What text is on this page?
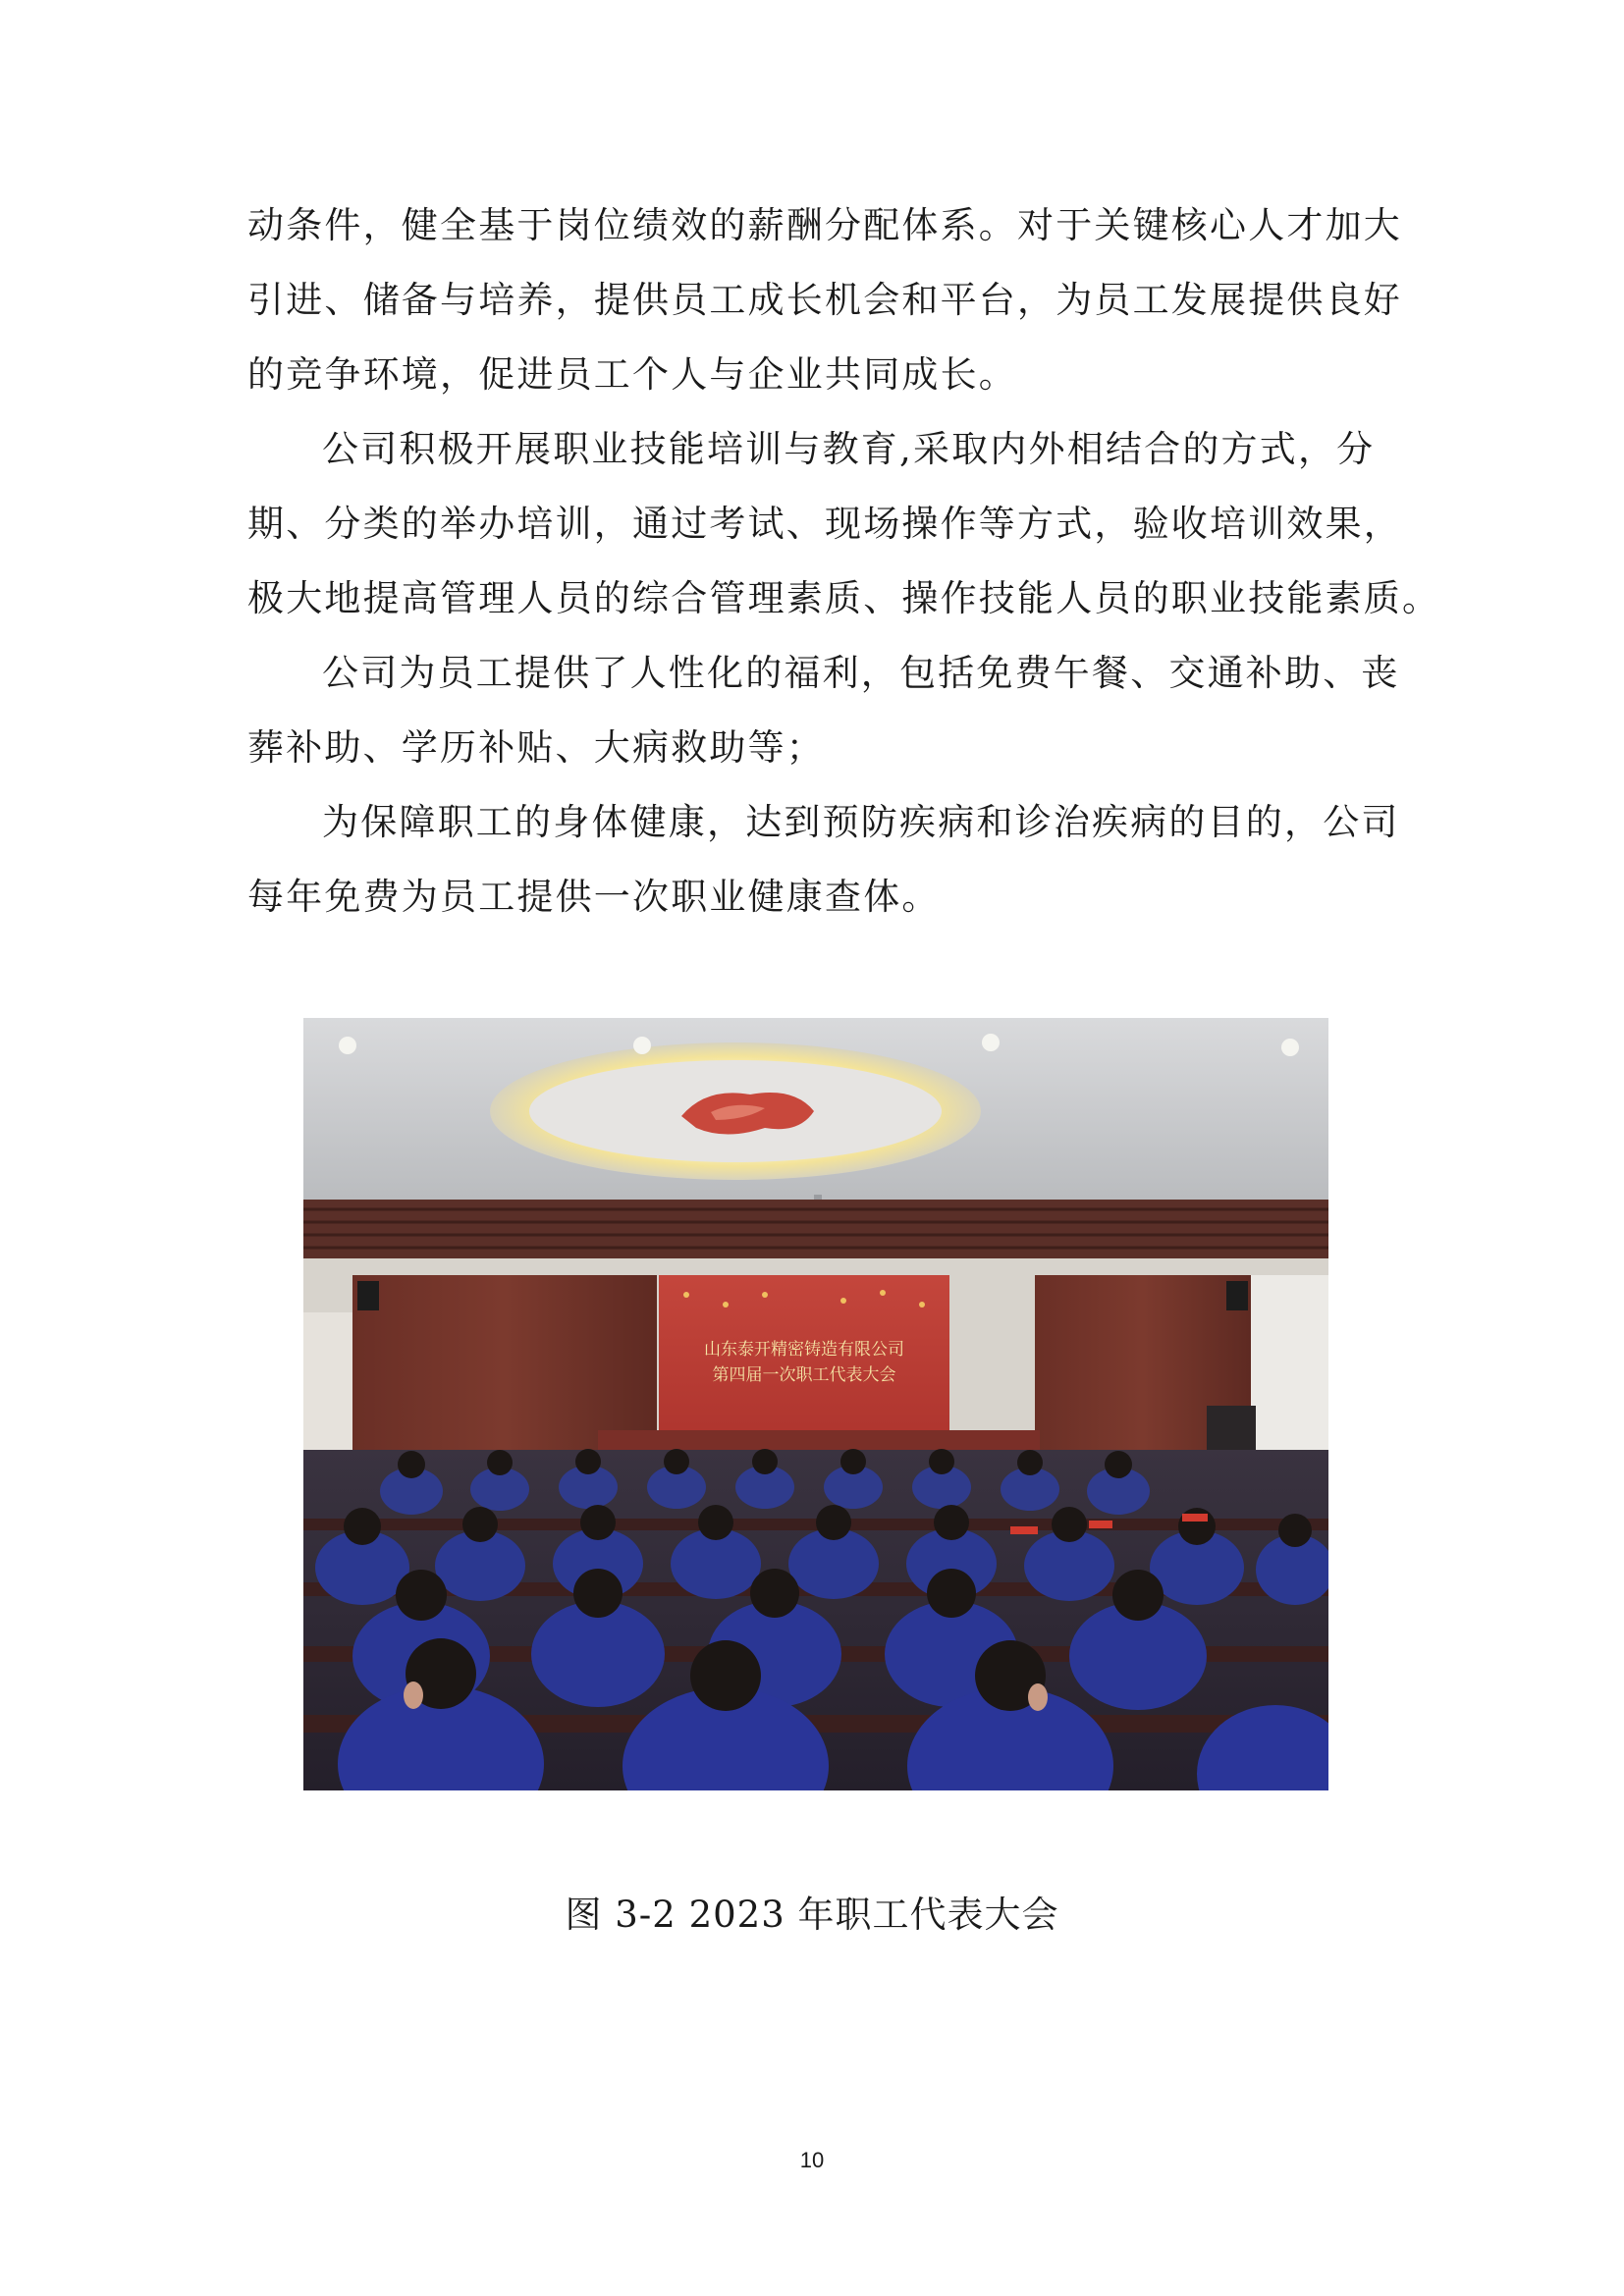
动条件，健全基于岗位绩效的薪酬分配体系。对于关键核心人才加大
引进、储备与培养，提供员工成长机会和平台，为员工发展提供良好
的竞争环境，促进员工个人与企业共同成长。
公司积极开展职业技能培训与教育,采取内外相结合的方式，分
期、分类的举办培训，通过考试、现场操作等方式，验收培训效果，
极大地提高管理人员的综合管理素质、操作技能人员的职业技能素质。
公司为员工提供了人性化的福利，包括免费午餐、交通补助、丧
葬补助、学历补贴、大病救助等；
为保障职工的身体健康，达到预防疾病和诊治疾病的目的，公司
每年免费为员工提供一次职业健康查体。
山东泰开精密铸造有限公司
第四届一次职工代表大会
图 3-2 2023 年职工代表大会
10
